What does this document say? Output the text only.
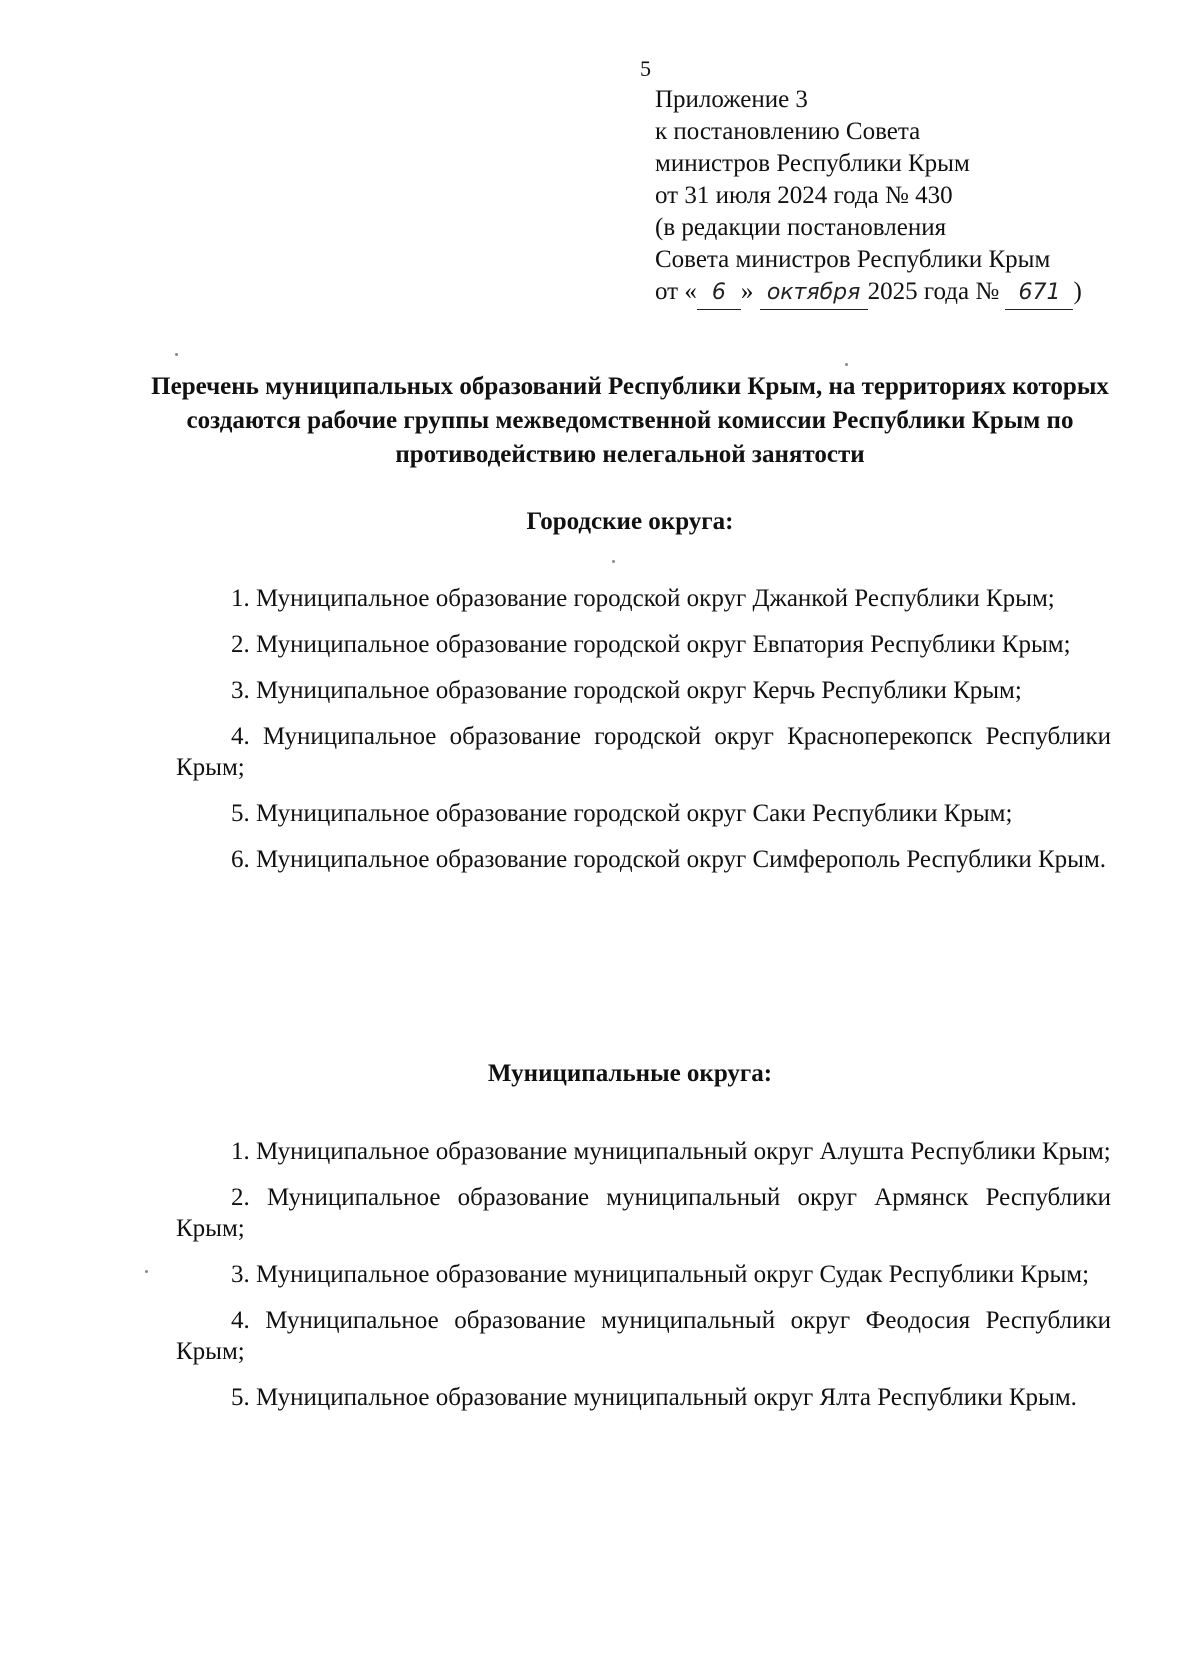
5
Приложение 3
к постановлению Совета
министров Республики Крым
от 31 июля 2024 года № 430
(в редакции постановления
Совета министров Республики Крым
от « 6 » октября 2025 года № 671 )
Перечень муниципальных образований Республики Крым, на территориях которых создаются рабочие группы межведомственной комиссии Республики Крым по противодействию нелегальной занятости
Городские округа:
1. Муниципальное образование городской округ Джанкой Республики Крым;
2. Муниципальное образование городской округ Евпатория Республики Крым;
3. Муниципальное образование городской округ Керчь Республики Крым;
4. Муниципальное образование городской округ Красноперекопск Республики Крым;
5. Муниципальное образование городской округ Саки Республики Крым;
6. Муниципальное образование городской округ Симферополь Республики Крым.
Муниципальные округа:
1. Муниципальное образование муниципальный округ Алушта Республики Крым;
2. Муниципальное образование муниципальный округ Армянск Республики Крым;
3. Муниципальное образование муниципальный округ Судак Республики Крым;
4. Муниципальное образование муниципальный округ Феодосия Республики Крым;
5. Муниципальное образование муниципальный округ Ялта Республики Крым.
